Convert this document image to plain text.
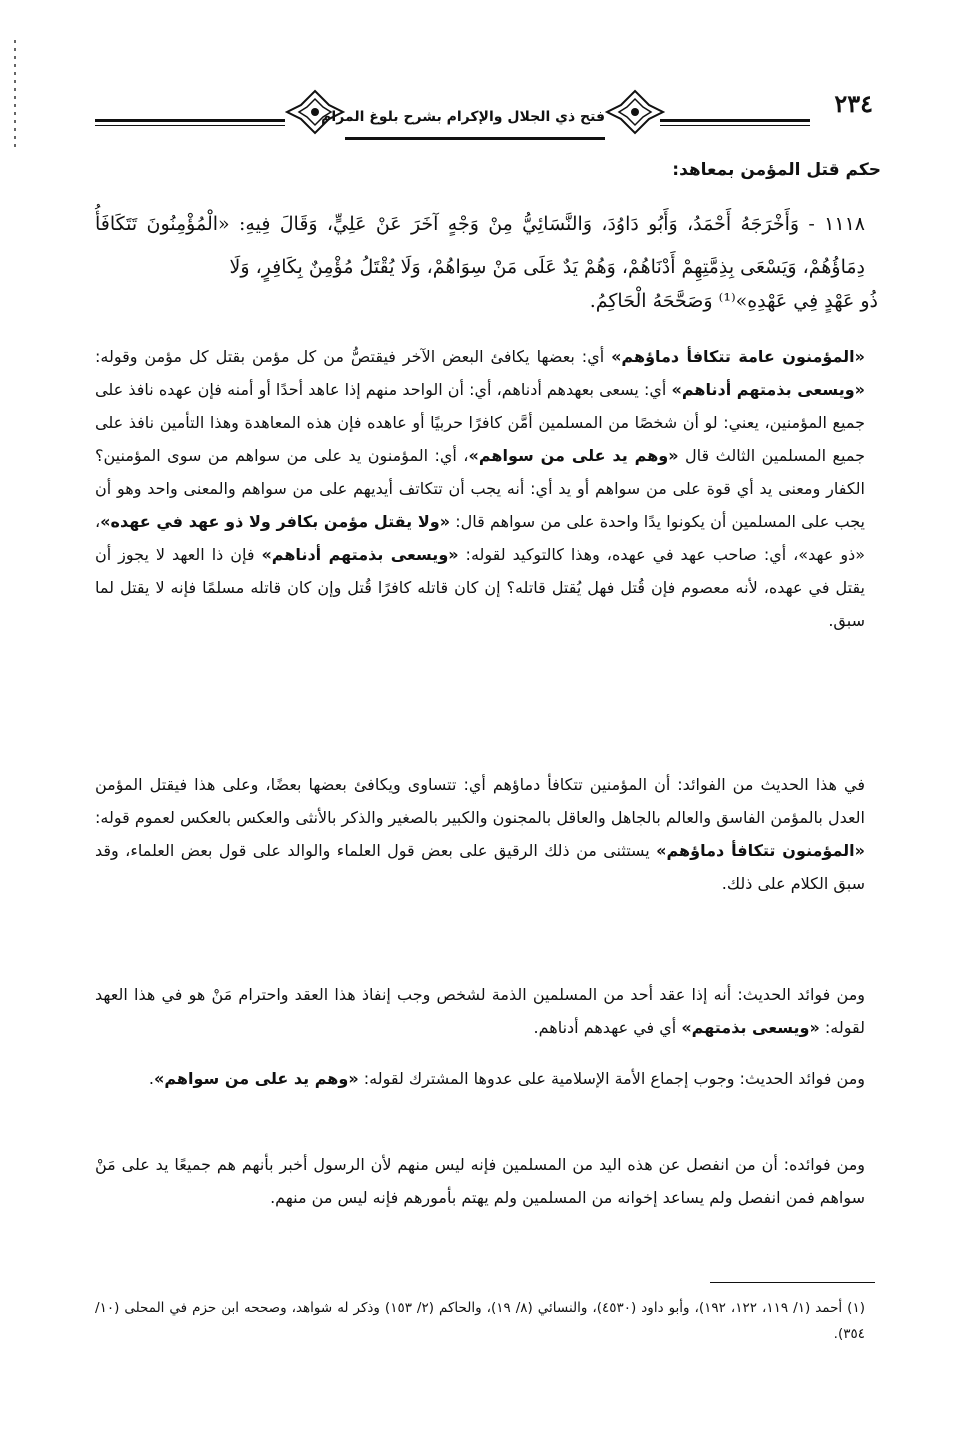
فتح ذي الجلال والإكرام بشرح بلوغ المرام	٢٣٤
حكم قتل المؤمن بمعاهد:
١١١٨ - وَأَخْرَجَهُ أَحْمَدُ، وَأَبُو دَاوُدَ، وَالنَّسَائِيُّ مِنْ وَجْهٍ آخَرَ عَنْ عَلِيٍّ، وَقَالَ فِيهِ: «الْمُؤْمِنُونَ تَتَكَافَأُ دِمَاؤُهُمْ، وَيَسْعَى بِذِمَّتِهِمْ أَدْنَاهُمْ، وَهُمْ يَدٌ عَلَى مَنْ سِوَاهُمْ، وَلَا يُقْتَلُ مُؤْمِنٌ بِكَافِرٍ، وَلَا
ذُو عَهْدٍ فِي عَهْدِهِ»⁽¹⁾ وَصَحَّحَهُ الْحَاكِمُ.
«المؤمنون عامة تتكافأ دماؤهم» أي: بعضها يكافئ البعض الآخر فيقتصُّ من كل مؤمن بقتل كل مؤمن وقوله: «ويسعى بذمتهم أدناهم» أي: يسعى بعهدهم أدناهم، أي: أن الواحد منهم إذا عاهد أحدًا أو أمنه فإن عهده نافذ على جميع المؤمنين، يعني: لو أن شخصًا من المسلمين أمَّن كافرًا حربيًا أو عاهده فإن هذه المعاهدة وهذا التأمين نافذ على جميع المسلمين الثالث قال «وهم يد على من سواهم»، أي: المؤمنون يد على من سواهم من سوى المؤمنين؟ الكفار ومعنى يد أي قوة على من سواهم أو يد أي: أنه يجب أن تتكاتف أيديهم على من سواهم والمعنى واحد وهو أن يجب على المسلمين أن يكونوا يدًا واحدة على من سواهم قال: «ولا يقتل مؤمن بكافر ولا ذو عهد في عهده»، «ذو عهد»، أي: صاحب عهد في عهده، وهذا كالتوكيد لقوله: «ويسعى بذمتهم أدناهم» فإن ذا العهد لا يجوز أن يقتل في عهده، لأنه معصوم فإن قُتل فهل يُقتل قاتله؟ إن كان قاتله كافرًا قُتل وإن كان قاتله مسلمًا فإنه لا يقتل لما سبق.
في هذا الحديث من الفوائد: أن المؤمنين تتكافأ دماؤهم أي: تتساوى ويكافئ بعضها بعضًا، وعلى هذا فيقتل المؤمن العدل بالمؤمن الفاسق والعالم بالجاهل والعاقل بالمجنون والكبير بالصغير والذكر بالأنثى والعكس بالعكس لعموم قوله: «المؤمنون تتكافأ دماؤهم» يستثنى من ذلك الرقيق على بعض قول العلماء والوالد على قول بعض العلماء، وقد سبق الكلام على ذلك.
ومن فوائد الحديث: أنه إذا عقد أحد من المسلمين الذمة لشخص وجب إنفاذ هذا العقد واحترام مَنْ هو في هذا العهد لقوله: «ويسعى بذمتهم» أي في عهدهم أدناهم.
ومن فوائد الحديث: وجوب إجماع الأمة الإسلامية على عدوها المشترك لقوله: «وهم يد على من سواهم».
ومن فوائده: أن من انفصل عن هذه اليد من المسلمين فإنه ليس منهم لأن الرسول أخبر بأنهم هم جميعًا يد على مَنْ سواهم فمن انفصل ولم يساعد إخوانه من المسلمين ولم يهتم بأمورهم فإنه ليس من منهم.
(١) أحمد (١/ ١١٩، ١٢٢، ١٩٢)، وأبو داود (٤٥٣٠)، والنسائي (٨/ ١٩)، والحاكم (٢/ ١٥٣) وذكر له شواهد، وصححه ابن حزم في المحلى (١٠/ ٣٥٤).
